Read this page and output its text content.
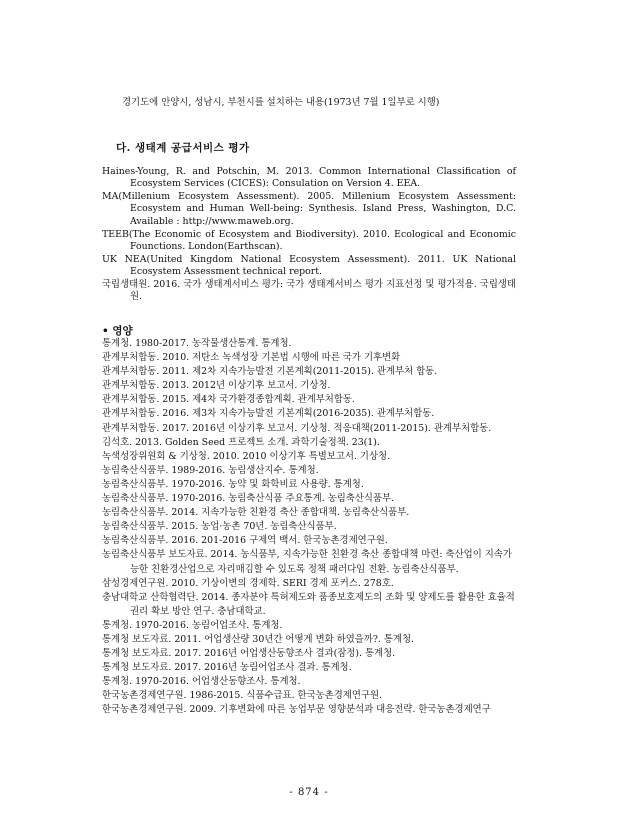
경기도에 안양시, 성남시, 부천시를 설치하는 내용(1973년 7월 1일부로 시행)
다. 생태계 공급서비스 평가
Haines-Young, R. and Potschin, M. 2013. Common International Classification of Ecosystem Services (CICES): Consulation on Version 4. EEA.
MA(Millenium Ecosystem Assessment). 2005. Millenium Ecosystem Assessment: Ecosystem and Human Well-being: Synthesis. Island Press, Washington, D.C. Available : http://www.maweb.org.
TEEB(The Economic of Ecosystem and Biodiversity). 2010. Ecological and Economic Founctions. London(Earthscan).
UK NEA(United Kingdom National Ecosystem Assessment). 2011. UK National Ecosystem Assessment technical report.
국립생태원. 2016. 국가 생태계서비스 평가: 국가 생태계서비스 평가 지표선정 및 평가적용. 국립생태원.
• 영양
통계청. 1980-2017. 농작물생산통계. 통계청.
관계부처합동. 2010. 저탄소 녹색성장 기본법 시행에 따른 국가 기후변화
관계부처합동. 2011. 제2차 지속가능발전 기본계획(2011-2015). 관계부처 합동.
관계부처합동. 2013. 2012년 이상기후 보고서. 기상청.
관계부처합동. 2015. 제4차 국가환경종합계획. 관계부처합동.
관계부처합동. 2016. 제3차 지속가능발전 기본계획(2016-2035). 관계부처합동.
관계부처합동. 2017. 2016년 이상기후 보고서. 기상청. 적응대책(2011-2015). 관계부처합동.
김석호. 2013. Golden Seed 프로젝트 소개. 과학기술정책. 23(1).
녹색성장위원회 & 기상청. 2010. 2010 이상기후 특별보고서. 기상청.
농림축산식품부. 1989-2016. 농림생산지수. 통계청.
농림축산식품부. 1970-2016. 농약 및 화학비료 사용량. 통계청.
농림축산식품부. 1970-2016. 농림축산식품 주요통계. 농림축산식품부.
농림축산식품부. 2014. 지속가능한 친환경 축산 종합대책. 농림축산식품부.
농림축산식품부. 2015. 농업·농촌 70년. 농림축산식품부.
농림축산식품부. 2016. 201-2016 구제역 백서. 한국농촌경제연구원.
농림축산식품부 보도자료. 2014. 농식품부, 지속가능한 친환경 축산 종합대책 마련: 축산업이 지속가능한 친환경산업으로 자리매김할 수 있도록 정책 패러다임 전환. 농림축산식품부.
삼성경제연구원. 2010. 기상이변의 경제학. SERI 경제 포커스. 278호.
충남대학교 산학협력단. 2014. 종자분야 특허제도와 품종보호제도의 조화 및 양제도를 활용한 효율적 권리 확보 방안 연구. 충남대학교.
통계청. 1970-2016. 농림어업조사. 통계청.
통계청 보도자료. 2011. 어업생산량 30년간 어떻게 변화 하였을까?. 통계청.
통계청 보도자료. 2017. 2016년 어업생산동향조사 결과(잠정). 통계청.
통계청 보도자료. 2017. 2016년 농림어업조사 결과. 통계청.
통계청. 1970-2016. 어업생산동향조사. 통계청.
한국농촌경제연구원. 1986-2015. 식품수급표. 한국농촌경제연구원.
한국농촌경제연구원. 2009. 기후변화에 따른 농업부문 영향분석과 대응전략. 한국농촌경제연구
- 874 -
